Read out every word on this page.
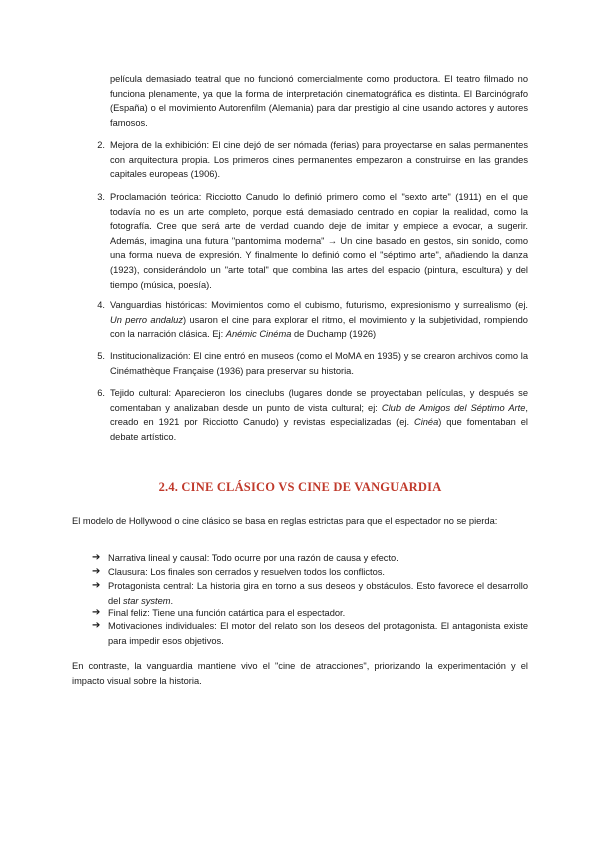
película demasiado teatral que no funcionó comercialmente como productora. El teatro filmado no funciona plenamente, ya que la forma de interpretación cinematográfica es distinta. El Barcinógrafo (España) o el movimiento Autorenfilm (Alemania) para dar prestigio al cine usando actores y autores famosos.

2. Mejora de la exhibición: El cine dejó de ser nómada (ferias) para proyectarse en salas permanentes con arquitectura propia. Los primeros cines permanentes empezaron a construirse en las grandes capitales europeas (1906).

3. Proclamación teórica: Ricciotto Canudo lo definió primero como el "sexto arte" (1911) en el que todavía no es un arte completo, porque está demasiado centrado en copiar la realidad, como la fotografía. Cree que será arte de verdad cuando deje de imitar y empiece a evocar, a sugerir. Además, imagina una futura "pantomima moderna" → Un cine basado en gestos, sin sonido, como una forma nueva de expresión. Y finalmente lo definió como el "séptimo arte", añadiendo la danza (1923), considerándolo un "arte total" que combina las artes del espacio (pintura, escultura) y del tiempo (música, poesía).

4. Vanguardias históricas: Movimientos como el cubismo, futurismo, expresionismo y surrealismo (ej. Un perro andaluz) usaron el cine para explorar el ritmo, el movimiento y la subjetividad, rompiendo con la narración clásica. Ej: Anémic Cinéma de Duchamp (1926)

5. Institucionalización: El cine entró en museos (como el MoMA en 1935) y se crearon archivos como la Cinémathèque Française (1936) para preservar su historia.

6. Tejido cultural: Aparecieron los cineclubs (lugares donde se proyectaban películas, y después se comentaban y analizaban desde un punto de vista cultural; ej: Club de Amigos del Séptimo Arte, creado en 1921 por Ricciotto Canudo) y revistas especializadas (ej. Cinéa) que fomentaban el debate artístico.

2.4. CINE CLÁSICO VS CINE DE VANGUARDIA

El modelo de Hollywood o cine clásico se basa en reglas estrictas para que el espectador no se pierda:

➔ Narrativa lineal y causal: Todo ocurre por una razón de causa y efecto.

➔ Clausura: Los finales son cerrados y resuelven todos los conflictos.

➔ Protagonista central: La historia gira en torno a sus deseos y obstáculos. Esto favorece el desarrollo del star system.

➔ Final feliz: Tiene una función catártica para el espectador.

➔ Motivaciones individuales: El motor del relato son los deseos del protagonista. El antagonista existe para impedir esos objetivos.

En contraste, la vanguardia mantiene vivo el "cine de atracciones", priorizando la experimentación y el impacto visual sobre la historia.
